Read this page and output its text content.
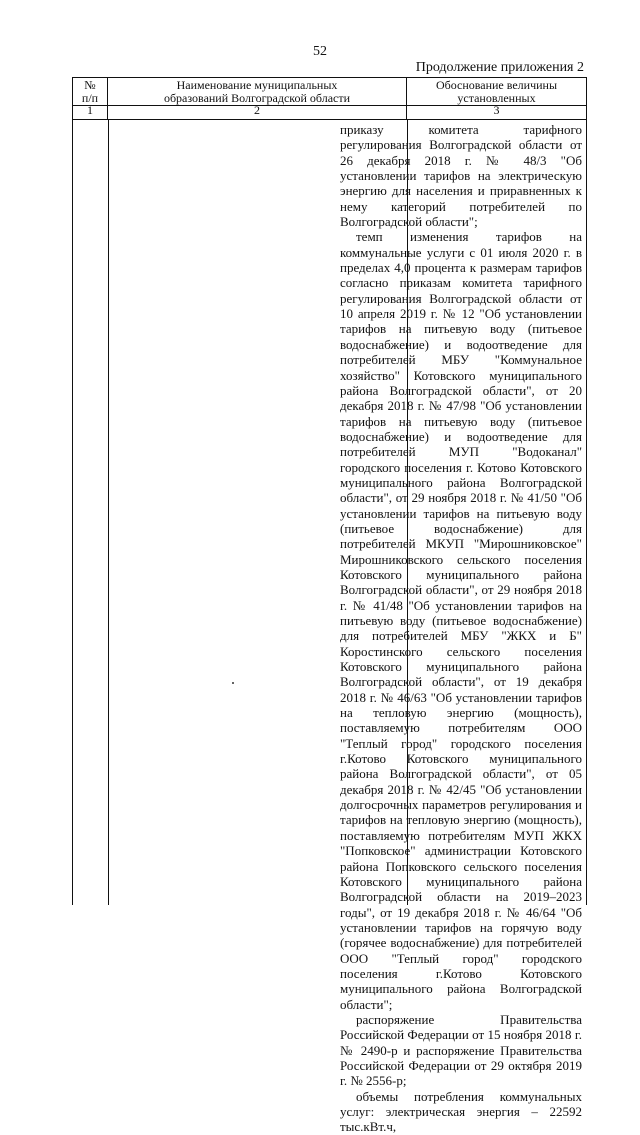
52
Продолжение приложения 2
№
п/п
Наименование муниципальных
образований Волгоградской области
Обоснование величины установленных
1	2	3

приказу комитета тарифного регулирования Волгоградской области от 26 декабря 2018 г. № 48/3 "Об установлении тарифов на электрическую энергию для населения и приравненных к нему категорий потребителей по Волгоградской области";

темп изменения тарифов на коммунальные услуги с 01 июля 2020 г. в пределах 4,0 процента к размерам тарифов согласно приказам комитета тарифного регулирования Волгоградской области от 10 апреля 2019 г. № 12 "Об установлении тарифов на питьевую воду (питьевое водоснабжение) и водоотведение для потребителей МБУ "Коммунальное хозяйство" Котовского муниципального района Волгоградской области", от 20 декабря 2018 г. № 47/98 "Об установлении тарифов на питьевую воду (питьевое водоснабжение) и водоотведение для потребителей МУП "Водоканал" городского поселения г. Котово Котовского муниципального района Волгоградской области", от 29 ноября 2018 г. № 41/50 "Об установлении тарифов на питьевую воду (питьевое водоснабжение) для потребителей МКУП "Мирошниковское" Мирошниковского сельского поселения Котовского муниципального района Волгоградской области", от 29 ноября 2018 г. № 41/48 "Об установлении тарифов на питьевую воду (питьевое водоснабжение) для потребителей МБУ "ЖКХ и Б" Коростинского сельского поселения Котовского муниципального района Волгоградской области", от 19 декабря 2018 г. № 46/63 "Об установлении тарифов на тепловую энергию (мощность), поставляемую потребителям ООО "Теплый город" городского поселения г.Котово Котовского муниципального района Волгоградской области", от 05 декабря 2018 г. № 42/45 "Об установлении долгосрочных параметров регулирования и тарифов на тепловую энергию (мощность), поставляемую потребителям МУП ЖКХ "Попковское" администрации Котовского района Попковского сельского поселения Котовского муниципального района Волгоградской области на 2019–2023 годы", от 19 декабря 2018 г. № 46/64 "Об установлении тарифов на горячую воду (горячее водоснабжение) для потребителей ООО "Теплый город" городского поселения г.Котово Котовского муниципального района Волгоградской области";

распоряжение Правительства Российской Федерации от 15 ноября 2018 г. № 2490-р и распоряжение Правительства Российской Федерации от 29 октября 2019 г. № 2556-р;

объемы потребления коммунальных услуг: электрическая энергия – 22592 тыс.кВт.ч,
